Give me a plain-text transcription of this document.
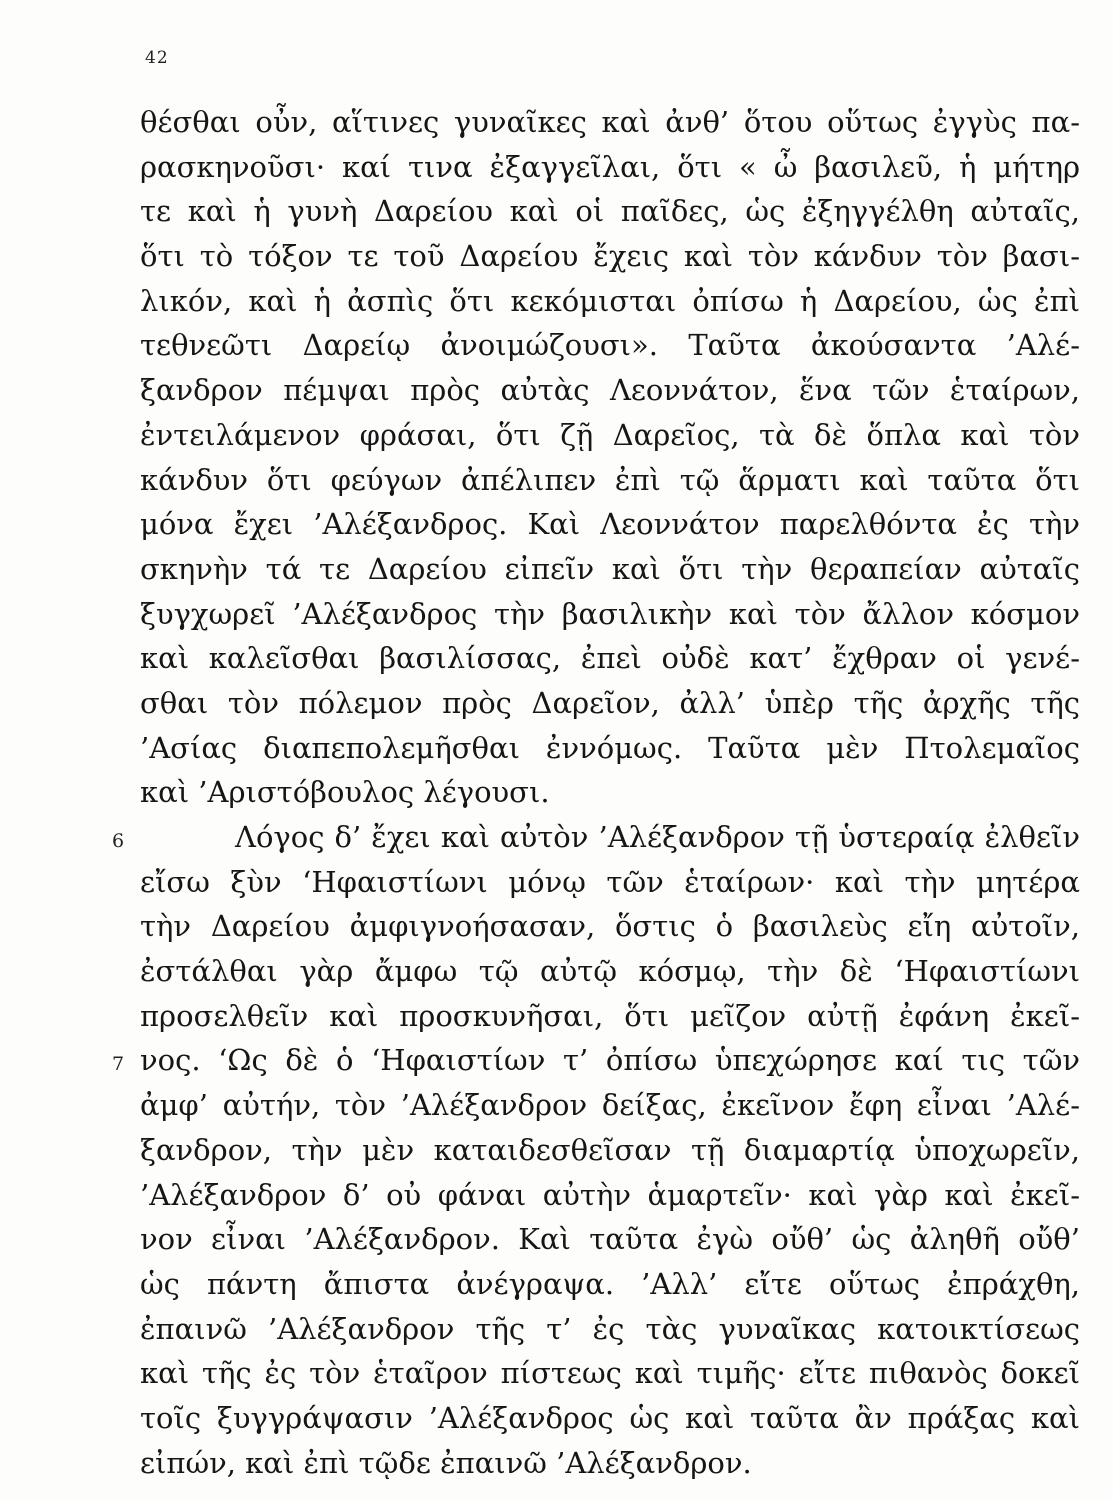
42
θέσθαι οὖν, αἵτινες γυναῖκες καὶ ἀνθ’ ὅτου οὕτως ἐγγὺς πα-
ρασκηνοῦσι· καί τινα ἐξαγγεῖλαι, ὅτι « ὦ βασιλεῦ, ἡ μήτηρ
τε καὶ ἡ γυνὴ Δαρείου καὶ οἱ παῖδες, ὡς ἐξηγγέλθη αὐταῖς,
ὅτι τὸ τόξον τε τοῦ Δαρείου ἔχεις καὶ τὸν κάνδυν τὸν βασι-
λικόν, καὶ ἡ ἀσπὶς ὅτι κεκόμισται ὀπίσω ἡ Δαρείου, ὡς ἐπὶ
τεθνεῶτι Δαρείῳ ἀνοιμώζουσι». Ταῦτα ἀκούσαντα ’Αλέ-
ξανδρον πέμψαι πρὸς αὐτὰς Λεοννάτον, ἕνα τῶν ἑταίρων,
ἐντειλάμενον φράσαι, ὅτι ζῇ Δαρεῖος, τὰ δὲ ὅπλα καὶ τὸν
κάνδυν ὅτι φεύγων ἀπέλιπεν ἐπὶ τῷ ἅρματι καὶ ταῦτα ὅτι
μόνα ἔχει ’Αλέξανδρος. Καὶ Λεοννάτον παρελθόντα ἐς τὴν
σκηνὴν τά τε Δαρείου εἰπεῖν καὶ ὅτι τὴν θεραπείαν αὐταῖς
ξυγχωρεῖ ’Αλέξανδρος τὴν βασιλικὴν καὶ τὸν ἄλλον κόσμον
καὶ καλεῖσθαι βασιλίσσας, ἐπεὶ οὐδὲ κατ’ ἔχθραν οἱ γενέ-
σθαι τὸν πόλεμον πρὸς Δαρεῖον, ἀλλ’ ὑπὲρ τῆς ἀρχῆς τῆς
’Ασίας διαπεπολεμῆσθαι ἐννόμως. Ταῦτα μὲν Πτολεμαῖος
καὶ ’Αριστόβουλος λέγουσι.
6	Λόγος δ’ ἔχει καὶ αὐτὸν ’Αλέξανδρον τῇ ὑστεραίᾳ ἐλθεῖν
εἴσω ξὺν ‘Ηφαιστίωνι μόνῳ τῶν ἑταίρων· καὶ τὴν μητέρα
τὴν Δαρείου ἀμφιγνοήσασαν, ὅστις ὁ βασιλεὺς εἴη αὐτοῖν,
ἐστάλθαι γὰρ ἄμφω τῷ αὐτῷ κόσμῳ, τὴν δὲ ‘Ηφαιστίωνι
προσελθεῖν καὶ προσκυνῆσαι, ὅτι μεῖζον αὐτῇ ἐφάνη ἐκεῖ-
7 νος. ‘Ως δὲ ὁ ‘Ηφαιστίων τ’ ὀπίσω ὑπεχώρησε καί τις τῶν
ἀμφ’ αὐτήν, τὸν ’Αλέξανδρον δείξας, ἐκεῖνον ἔφη εἶναι ’Αλέ-
ξανδρον, τὴν μὲν καταιδεσθεῖσαν τῇ διαμαρτίᾳ ὑποχωρεῖν,
’Αλέξανδρον δ’ οὐ φάναι αὐτὴν ἁμαρτεῖν· καὶ γὰρ καὶ ἐκεῖ-
νον εἶναι ’Αλέξανδρον. Καὶ ταῦτα ἐγὼ οὔθ’ ὡς ἀληθῆ οὔθ’
ὡς πάντη ἄπιστα ἀνέγραψα. ’Αλλ’ εἴτε οὕτως ἐπράχθη,
ἐπαινῶ ’Αλέξανδρον τῆς τ’ ἐς τὰς γυναῖκας κατοικτίσεως
καὶ τῆς ἐς τὸν ἑταῖρον πίστεως καὶ τιμῆς· εἴτε πιθανὸς δοκεῖ
τοῖς ξυγγράψασιν ’Αλέξανδρος ὡς καὶ ταῦτα ἂν πράξας καὶ
εἰπών, καὶ ἐπὶ τῷδε ἐπαινῶ ’Αλέξανδρον.
